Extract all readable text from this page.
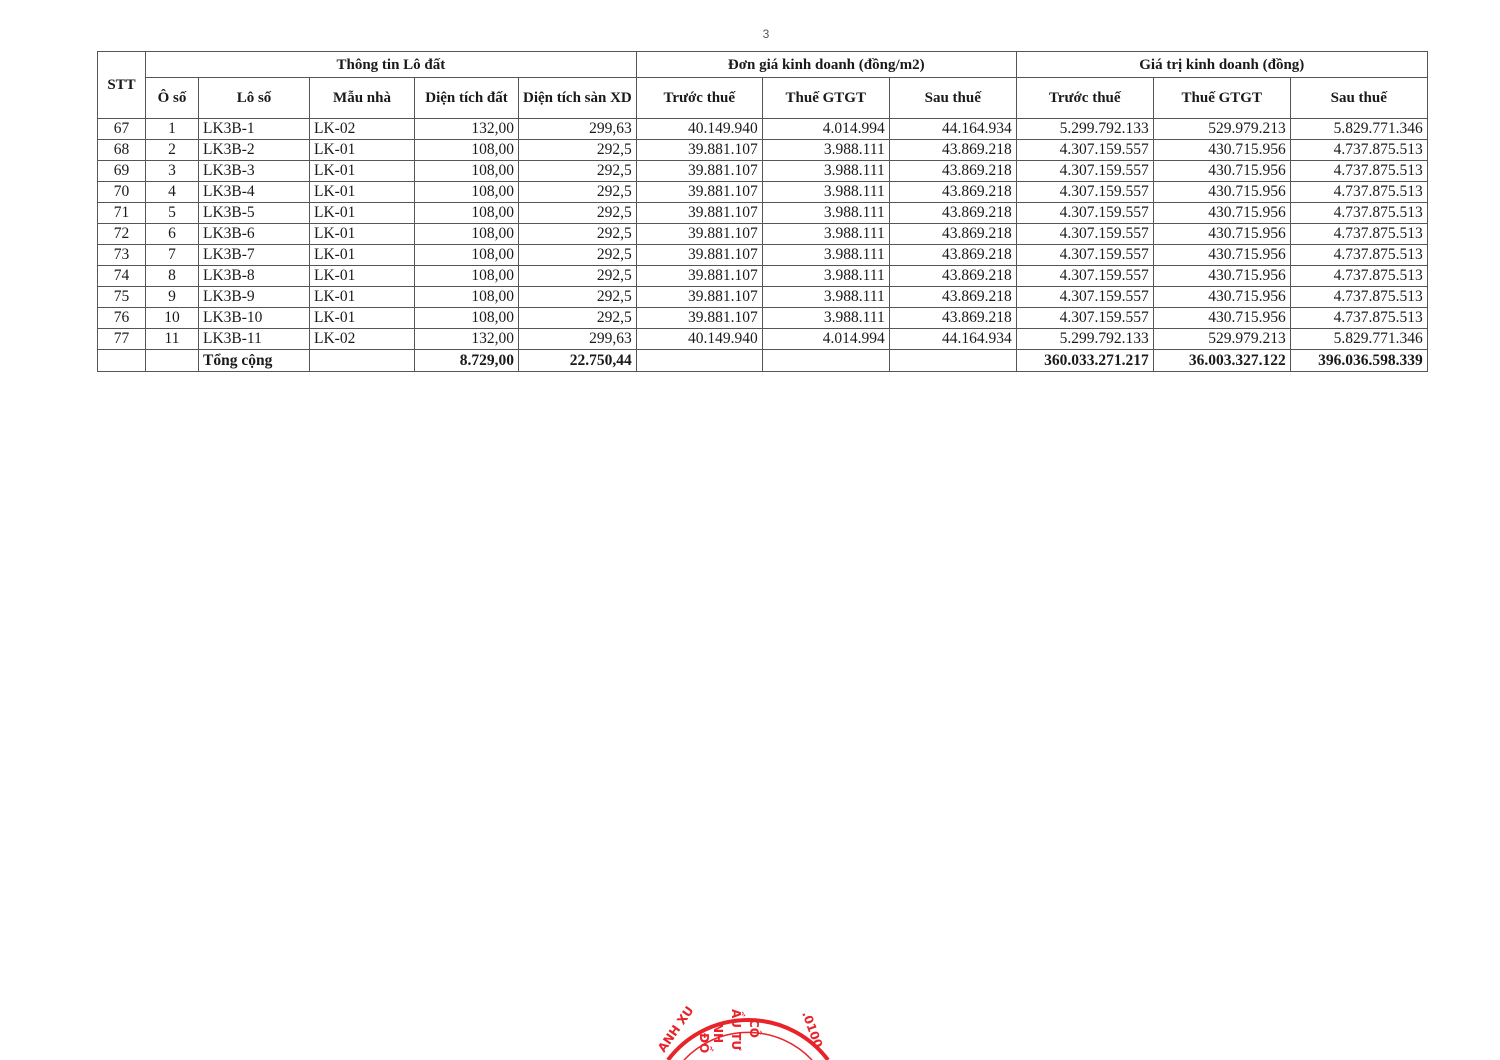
3
STT	Thông tin Lô đất					Đơn giá kinh doanh (đồng/m2)			Giá trị kinh doanh (đồng)		
	Ô số	Lô số	Mẫu nhà	Diện tích đất	Diện tích sàn XD	Trước thuế	Thuế GTGT	Sau thuế	Trước thuế	Thuế GTGT	Sau thuế
67	1	LK3B-1	LK-02	132,00	299,63	40.149.940	4.014.994	44.164.934	5.299.792.133	529.979.213	5.829.771.346
68	2	LK3B-2	LK-01	108,00	292,5	39.881.107	3.988.111	43.869.218	4.307.159.557	430.715.956	4.737.875.513
69	3	LK3B-3	LK-01	108,00	292,5	39.881.107	3.988.111	43.869.218	4.307.159.557	430.715.956	4.737.875.513
70	4	LK3B-4	LK-01	108,00	292,5	39.881.107	3.988.111	43.869.218	4.307.159.557	430.715.956	4.737.875.513
71	5	LK3B-5	LK-01	108,00	292,5	39.881.107	3.988.111	43.869.218	4.307.159.557	430.715.956	4.737.875.513
72	6	LK3B-6	LK-01	108,00	292,5	39.881.107	3.988.111	43.869.218	4.307.159.557	430.715.956	4.737.875.513
73	7	LK3B-7	LK-01	108,00	292,5	39.881.107	3.988.111	43.869.218	4.307.159.557	430.715.956	4.737.875.513
74	8	LK3B-8	LK-01	108,00	292,5	39.881.107	3.988.111	43.869.218	4.307.159.557	430.715.956	4.737.875.513
75	9	LK3B-9	LK-01	108,00	292,5	39.881.107	3.988.111	43.869.218	4.307.159.557	430.715.956	4.737.875.513
76	10	LK3B-10	LK-01	108,00	292,5	39.881.107	3.988.111	43.869.218	4.307.159.557	430.715.956	4.737.875.513
77	11	LK3B-11	LK-02	132,00	299,63	40.149.940	4.014.994	44.164.934	5.299.792.133	529.979.213	5.829.771.346
		Tổng cộng		8.729,00	22.750,44				360.033.271.217	36.003.327.122	396.036.598.339
ANH XU ĐỒ NH ẦU TƯ CÔ	.0100
